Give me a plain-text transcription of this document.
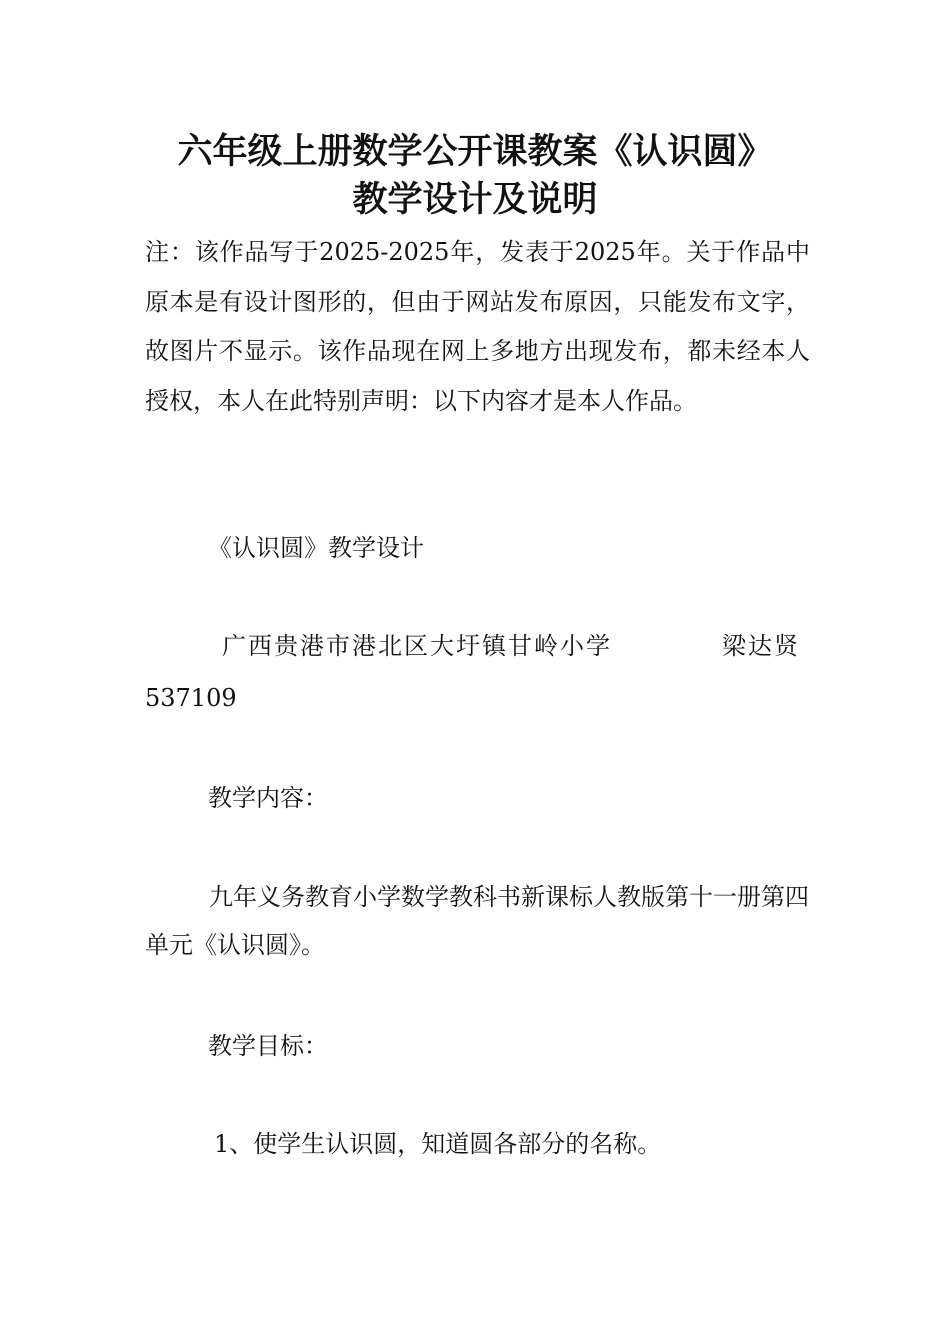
六年级上册数学公开课教案《认识圆》
教学设计及说明

注：该作品写于2025-2025年，发表于2025年。关于作品中原本是有设计图形的，但由于网站发布原因，只能发布文字，故图片不显示。该作品现在网上多地方出现发布，都未经本人授权，本人在此特别声明：以下内容才是本人作品。

《认识圆》教学设计

广西贵港市港北区大圩镇甘岭小学	梁达贤

537109

教学内容：

九年义务教育小学数学教科书新课标人教版第十一册第四单元《认识圆》。

教学目标：

1、使学生认识圆，知道圆各部分的名称。
